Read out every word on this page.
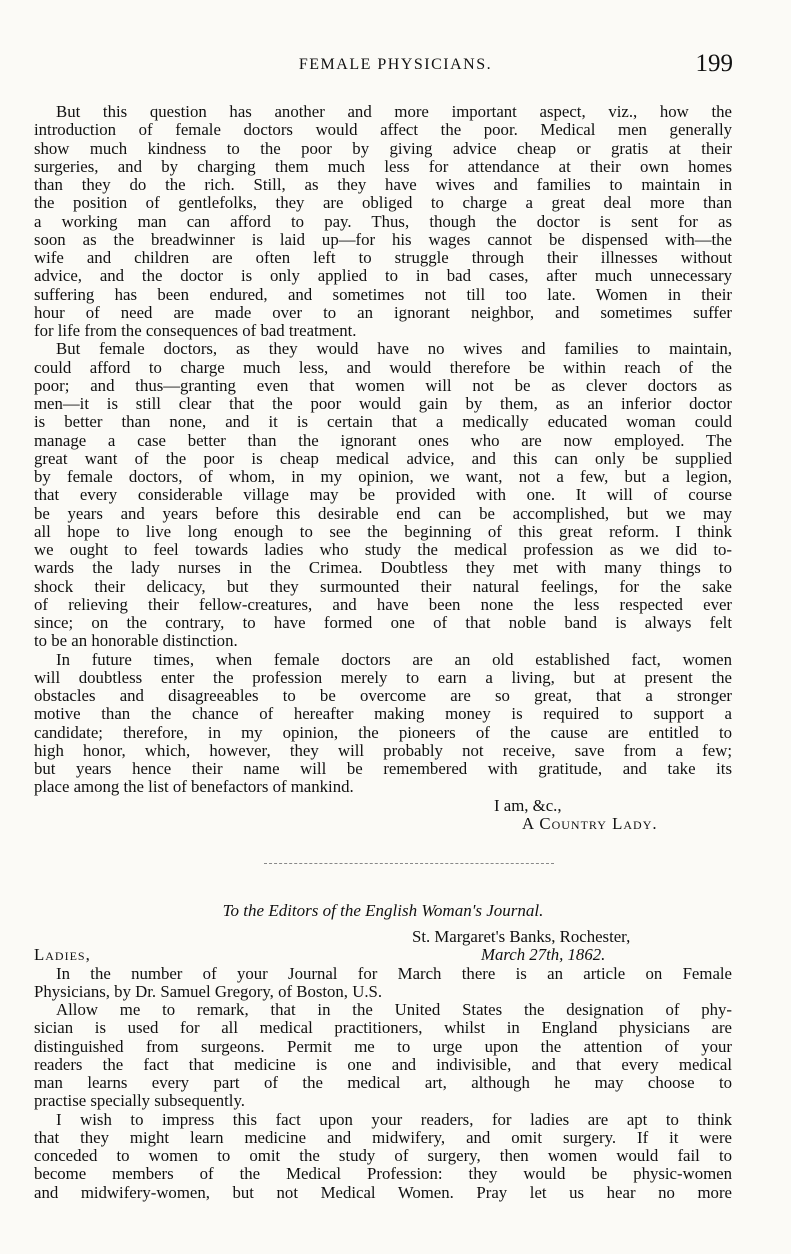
FEMALE PHYSICIANS.	199
But this question has another and more important aspect, viz., how the
introduction of female doctors would affect the poor. Medical men generally
show much kindness to the poor by giving advice cheap or gratis at their
surgeries, and by charging them much less for attendance at their own homes
than they do the rich. Still, as they have wives and families to maintain in
the position of gentlefolks, they are obliged to charge a great deal more than
a working man can afford to pay. Thus, though the doctor is sent for as
soon as the breadwinner is laid up—for his wages cannot be dispensed with—the
wife and children are often left to struggle through their illnesses without
advice, and the doctor is only applied to in bad cases, after much unnecessary
suffering has been endured, and sometimes not till too late. Women in their
hour of need are made over to an ignorant neighbor, and sometimes suffer
for life from the consequences of bad treatment.
But female doctors, as they would have no wives and families to maintain,
could afford to charge much less, and would therefore be within reach of the
poor; and thus—granting even that women will not be as clever doctors as
men—it is still clear that the poor would gain by them, as an inferior doctor
is better than none, and it is certain that a medically educated woman could
manage a case better than the ignorant ones who are now employed. The
great want of the poor is cheap medical advice, and this can only be supplied
by female doctors, of whom, in my opinion, we want, not a few, but a legion,
that every considerable village may be provided with one. It will of course
be years and years before this desirable end can be accomplished, but we may
all hope to live long enough to see the beginning of this great reform. I think
we ought to feel towards ladies who study the medical profession as we did to-
wards the lady nurses in the Crimea. Doubtless they met with many things to
shock their delicacy, but they surmounted their natural feelings, for the sake
of relieving their fellow-creatures, and have been none the less respected ever
since; on the contrary, to have formed one of that noble band is always felt
to be an honorable distinction.
In future times, when female doctors are an old established fact, women
will doubtless enter the profession merely to earn a living, but at present the
obstacles and disagreeables to be overcome are so great, that a stronger
motive than the chance of hereafter making money is required to support a
candidate; therefore, in my opinion, the pioneers of the cause are entitled to
high honor, which, however, they will probably not receive, save from a few;
but years hence their name will be remembered with gratitude, and take its
place among the list of benefactors of mankind.
I am, &c.,
A Country Lady.
To the Editors of the English Woman's Journal.
St. Margaret's Banks, Rochester,
Ladies,	March 27th, 1862.
In the number of your Journal for March there is an article on Female
Physicians, by Dr. Samuel Gregory, of Boston, U.S.
Allow me to remark, that in the United States the designation of phy-
sician is used for all medical practitioners, whilst in England physicians are
distinguished from surgeons. Permit me to urge upon the attention of your
readers the fact that medicine is one and indivisible, and that every medical
man learns every part of the medical art, although he may choose to
practise specially subsequently.
I wish to impress this fact upon your readers, for ladies are apt to think
that they might learn medicine and midwifery, and omit surgery. If it were
conceded to women to omit the study of surgery, then women would fail to
become members of the Medical Profession: they would be physic-women
and midwifery-women, but not Medical Women. Pray let us hear no more
